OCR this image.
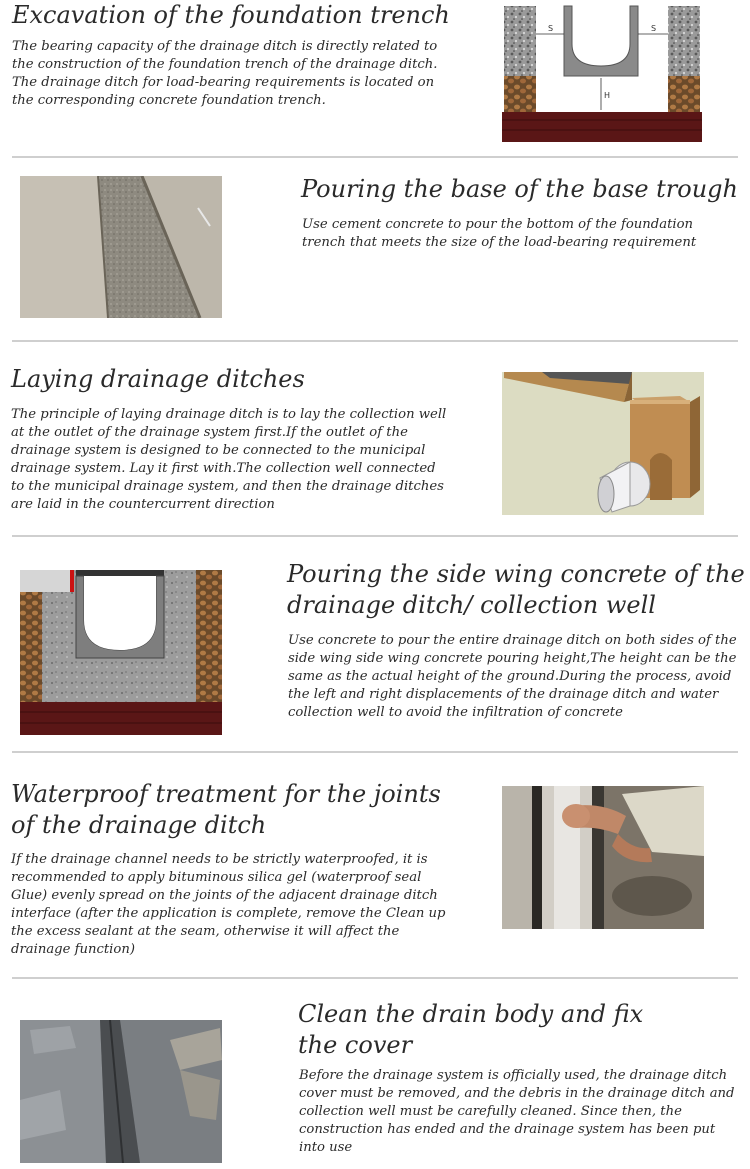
Excavation of the foundation trench

The bearing capacity of the drainage ditch is directly related to the construction of the foundation trench of the drainage ditch. The drainage ditch for load-bearing requirements is located on the corresponding concrete foundation trench.

S	S
H
Pouring the base of the base trough

Use cement concrete to pour the bottom of the foundation trench that meets the size of the load-bearing requirement

Laying drainage ditches

The principle of laying drainage ditch is to lay the collection well at the outlet of the drainage system first.If the outlet of the drainage system is designed to be connected to the municipal drainage system. Lay it first with.The collection well connected to the municipal drainage system, and then the drainage ditches are laid in the countercurrent direction

Pouring the side wing concrete of the
drainage ditch/ collection well

Use concrete to pour the entire drainage ditch on both sides of the side wing side wing concrete pouring height,The height can be the same as the actual height of the ground.During the process, avoid the left and right displacements of the drainage ditch and water collection well to avoid the infiltration of concrete

Waterproof treatment for the joints
of the drainage ditch

If the drainage channel needs to be strictly waterproofed, it is recommended to apply bituminous silica gel (waterproof seal Glue) evenly spread on the joints of the adjacent drainage ditch interface (after the application is complete, remove the Clean up the excess sealant at the seam, otherwise it will affect the drainage function)

Clean the drain body and fix
the cover

Before the drainage system is officially used, the drainage ditch cover must be removed, and the debris in the drainage ditch and collection well must be carefully cleaned. Since then, the construction has ended and the drainage system has been put into use
